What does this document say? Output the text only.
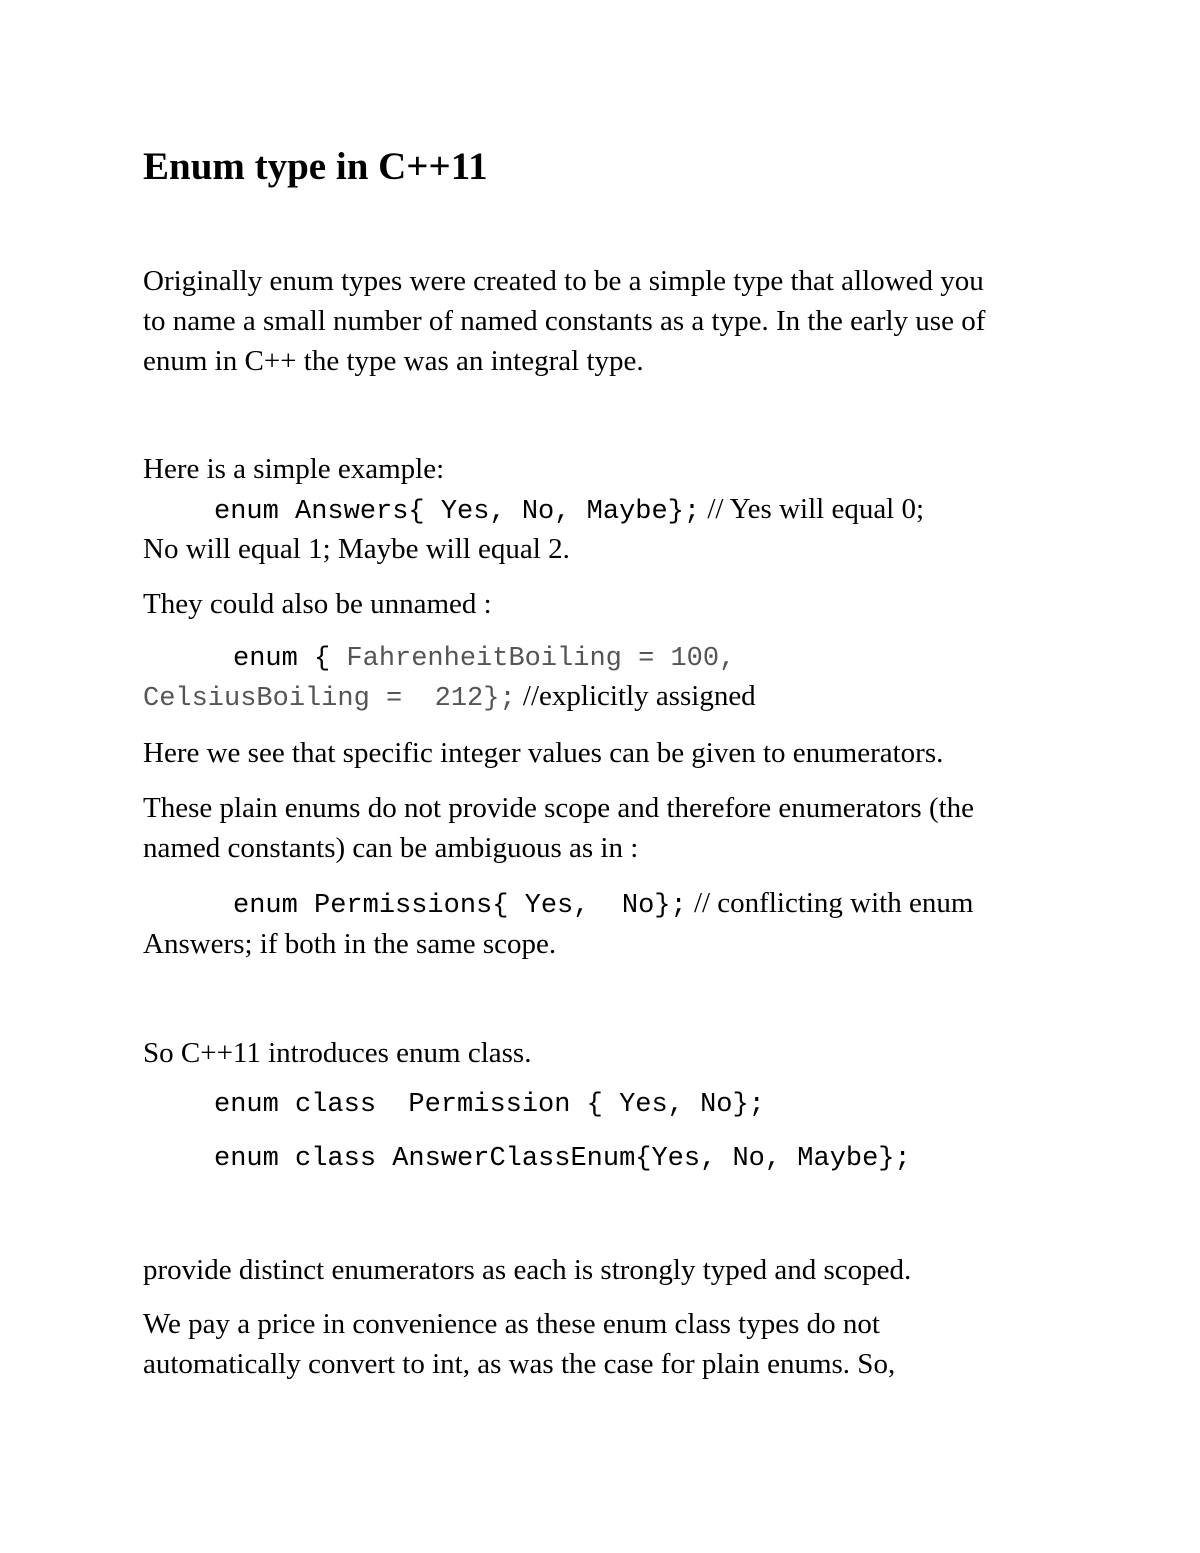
Enum type in C++11

Originally enum types were created to be a simple type that allowed you

to name a small number of named constants as a type. In the early use of

enum in C++ the type was an integral type.

Here is a simple example:

enum Answers{ Yes, No, Maybe}; // Yes will equal 0;

No will equal 1; Maybe will equal 2.

They could also be unnamed :

enum { FahrenheitBoiling = 100,

CelsiusBoiling =  212}; //explicitly assigned

Here we see that specific integer values can be given to enumerators.

These plain enums do not provide scope and therefore enumerators (the

named constants) can be ambiguous as in :

enum Permissions{ Yes,  No}; // conflicting with enum

Answers; if both in the same scope.

So C++11 introduces enum class.

enum class  Permission { Yes, No};

enum class AnswerClassEnum{Yes, No, Maybe};

provide distinct enumerators as each is strongly typed and scoped.

We pay a price in convenience as these enum class types do not

automatically convert to int, as was the case for plain enums. So,
